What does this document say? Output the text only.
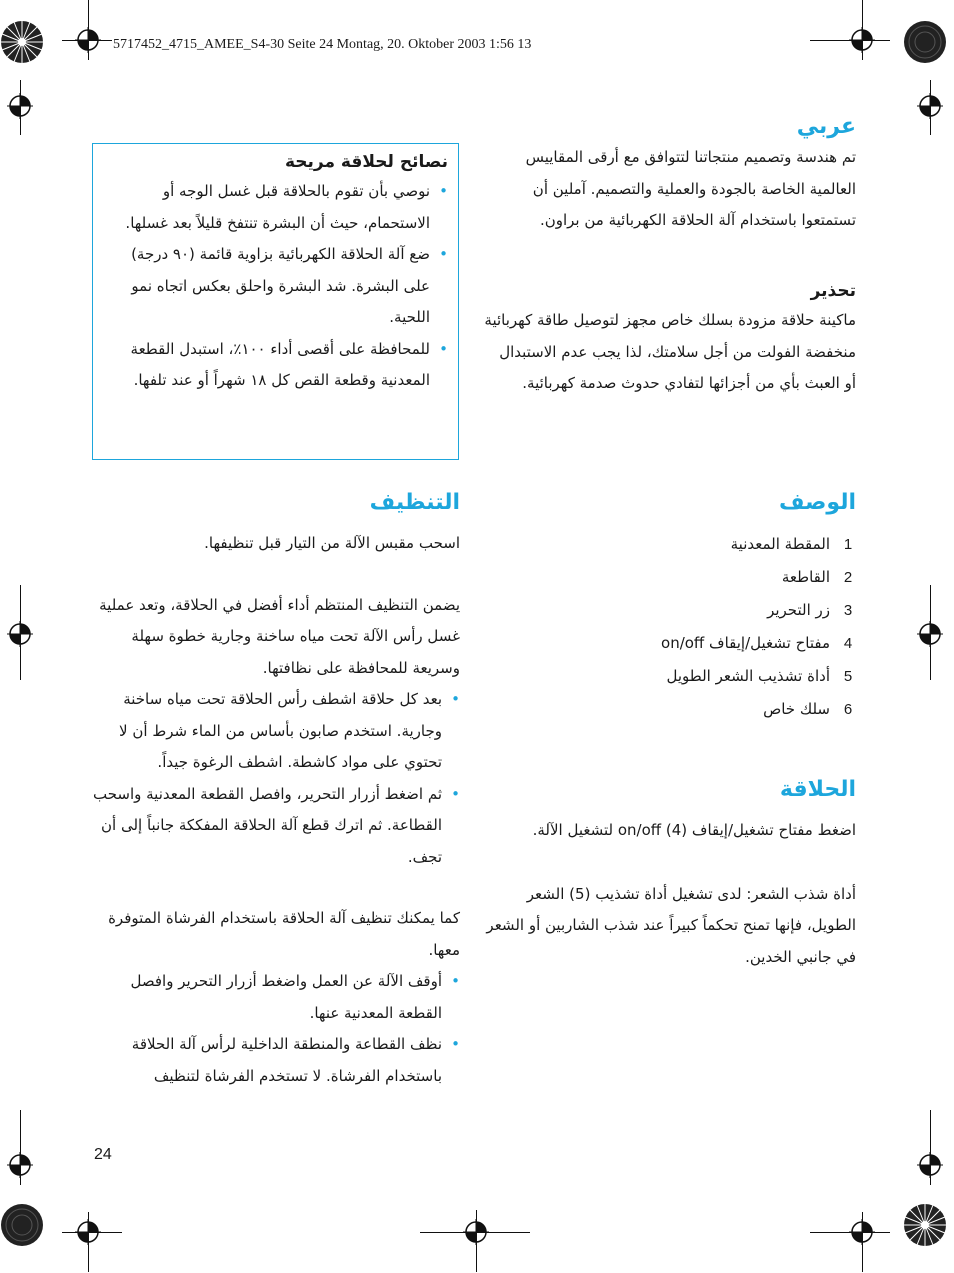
5717452_4715_AMEE_S4-30 Seite 24 Montag, 20. Oktober 2003 1:56 13
عربي

تم هندسة وتصميم منتجاتنا لتتوافق مع أرقى المقاييس العالمية الخاصة بالجودة والعملية والتصميم. آملين أن تستمتعوا باستخدام آلة الحلاقة الكهربائية من براون.

تحذير

ماكينة حلاقة مزودة بسلك خاص مجهز لتوصيل طاقة كهربائية منخفضة الفولت من أجل سلامتك، لذا يجب عدم الاستبدال أو العبث بأي من أجزائها لتفادي حدوث صدمة كهربائية.

الوصف
1المقطة المعدنية
2القاطعة
3زر التحرير
4مفتاح تشغيل/إيقاف on/off
5أداة تشذيب الشعر الطويل
6سلك خاص
الحلاقة

اضغط مفتاح تشغيل/إيقاف on/off (4) لتشغيل الآلة.

أداة شذب الشعر: لدى تشغيل أداة تشذيب (5) الشعر الطويل، فإنها تمنح تحكماً كبيراً عند شذب الشاربين أو الشعر في جانبي الخدين.

نصائح لحلاقة مريحة
•
نوصي بأن تقوم بالحلاقة قبل غسل الوجه أو الاستحمام، حيث أن البشرة تنتفخ قليلاً بعد غسلها.
•
ضع آلة الحلاقة الكهربائية بزاوية قائمة (٩٠ درجة) على البشرة. شد البشرة واحلق بعكس اتجاه نمو اللحية.
•
للمحافظة على أقصى أداء ١٠٠٪، استبدل القطعة المعدنية وقطعة القص كل ١٨ شهراً أو عند تلفها.
التنظيف

اسحب مقبس الآلة من التيار قبل تنظيفها.

يضمن التنظيف المنتظم أداء أفضل في الحلاقة، وتعد عملية غسل رأس الآلة تحت مياه ساخنة وجارية خطوة سهلة وسريعة للمحافظة على نظافتها.

•
بعد كل حلاقة اشطف رأس الحلاقة تحت مياه ساخنة وجارية. استخدم صابون بأساس من الماء شرط أن لا تحتوي على مواد كاشطة. اشطف الرغوة جيداً.
•
ثم اضغط أزرار التحرير، وافصل القطعة المعدنية واسحب القطاعة. ثم اترك قطع آلة الحلاقة المفككة جانباً إلى أن تجف.

كما يمكنك تنظيف آلة الحلاقة باستخدام الفرشاة المتوفرة معها.

•
أوقف الآلة عن العمل واضغط أزرار التحرير وافصل القطعة المعدنية عنها.
•
نظف القطاعة والمنطقة الداخلية لرأس آلة الحلاقة باستخدام الفرشاة. لا تستخدم الفرشاة لتنظيف
24
